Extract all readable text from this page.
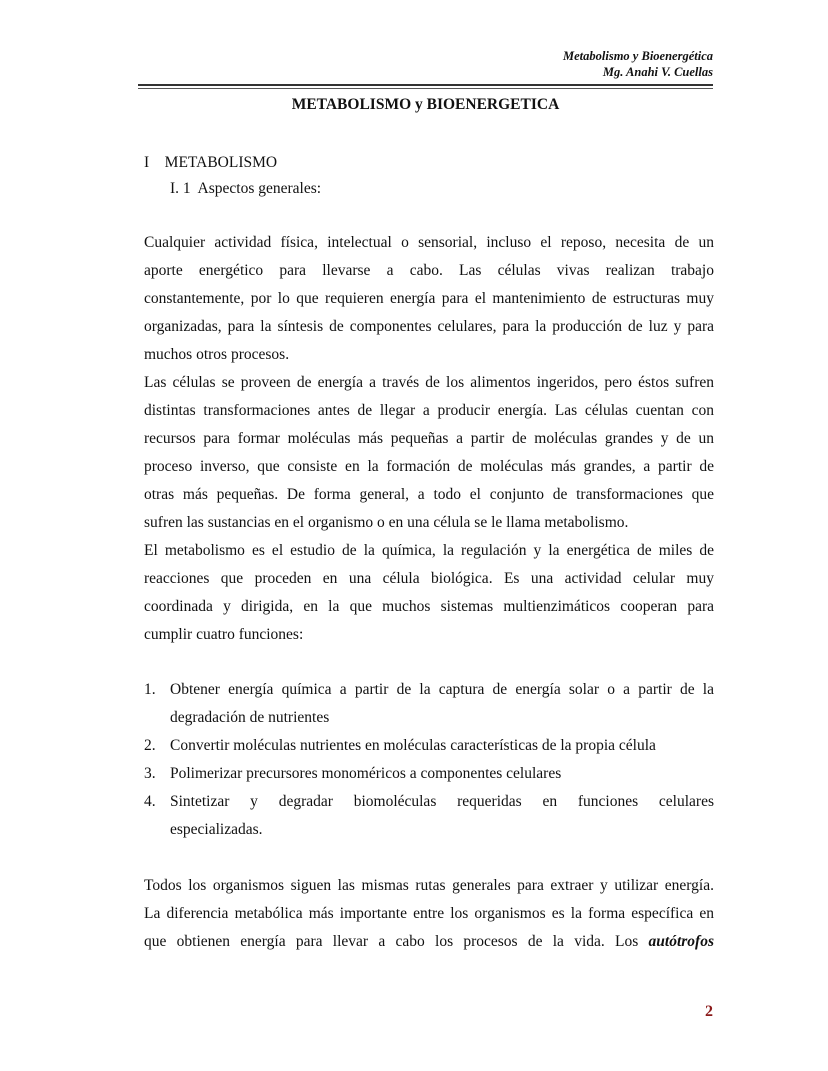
Metabolismo y Bioenergética
Mg. Anahi V. Cuellas
METABOLISMO y BIOENERGETICA
I    METABOLISMO
I. 1  Aspectos generales:
Cualquier actividad física, intelectual o sensorial, incluso el reposo, necesita de un
aporte energético para llevarse a cabo. Las células vivas realizan trabajo
constantemente, por lo que requieren energía para el mantenimiento de estructuras muy
organizadas, para la síntesis de componentes celulares, para la producción de luz y para
muchos otros procesos.
Las células se proveen de energía a través de los alimentos ingeridos, pero éstos sufren
distintas transformaciones antes de llegar a producir energía. Las células cuentan con
recursos para formar moléculas más pequeñas a partir de moléculas grandes y de un
proceso inverso, que consiste en la formación de moléculas más grandes, a partir de
otras más pequeñas. De forma general, a todo el conjunto de transformaciones que
sufren las sustancias en el organismo o en una célula se le llama metabolismo.
El metabolismo es el estudio de la química, la regulación y la energética de miles de
reacciones que proceden en una célula biológica. Es una actividad celular muy
coordinada y dirigida, en la que muchos sistemas multienzimáticos cooperan para
cumplir cuatro funciones:
1. Obtener energía química a partir de la captura de energía solar o a partir de la
degradación de nutrientes
2. Convertir moléculas nutrientes en moléculas características de la propia célula
3. Polimerizar precursores monoméricos a componentes celulares
4. Sintetizar y degradar biomoléculas requeridas en funciones celulares
especializadas.
Todos los organismos siguen las mismas rutas generales para extraer y utilizar energía.
La diferencia metabólica más importante entre los organismos es la forma específica en
que obtienen energía para llevar a cabo los procesos de la vida. Los autótrofos
2
